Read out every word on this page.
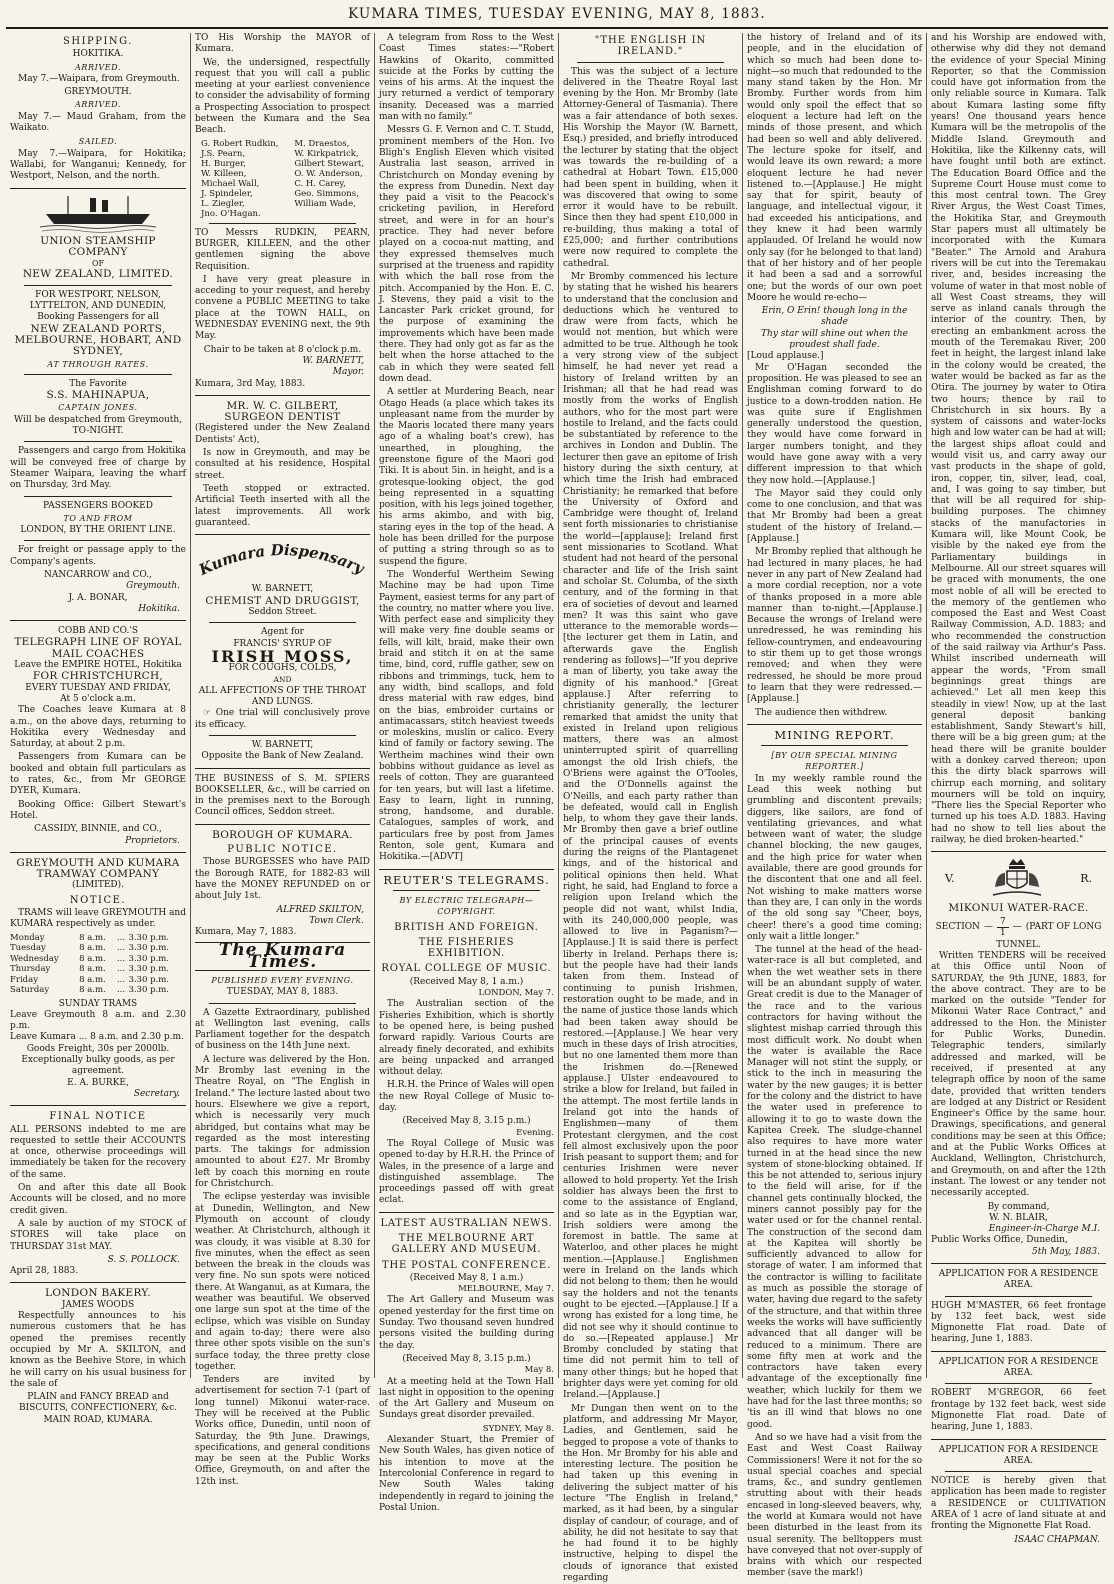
KUMARA TIMES, TUESDAY EVENING, MAY 8, 1883.
SHIPPING.
HOKITIKA.
ARRIVED.

May 7.—Waipara, from Greymouth.

GREYMOUTH.
ARRIVED.

May 7.— Maud Graham, from the Waikato.

SAILED.

May 7.—Waipara, for Hokitika; Wallabi, for Wanganui; Kennedy, for Westport, Nelson, and the north.

UNION STEAMSHIP COMPANY
OF
NEW ZEALAND, LIMITED.
FOR WESTPORT, NELSON, LYTTELTON, AND DUNEDIN,
Booking Passengers for all
NEW ZEALAND PORTS, MELBOURNE, HOBART, AND SYDNEY,
AT THROUGH RATES.
The Favorite
S.S. MAHINAPUA,
CAPTAIN JONES.
Will be despatched from Greymouth,
TO-NIGHT.

Passengers and cargo from Hokitika will be conveyed free of charge by Steamer Waipara, leaving the wharf on Thursday, 3rd May.

PASSENGERS BOOKED
TO AND FROM
LONDON, BY THE ORIENT LINE.

For freight or passage apply to the Company's agents.

NANCARROW and CO.,
Greymouth.
J. A. BONAR,
Hokitika.
COBB AND CO.'S
TELEGRAPH LINE OF ROYAL MAIL COACHES
Leave the EMPIRE HOTEL, Hokitika
FOR CHRISTCHURCH,
EVERY TUESDAY AND FRIDAY,
At 5 o'clock a.m.

The Coaches leave Kumara at 8 a.m., on the above days, returning to Hokitika every Wednesday and Saturday, at about 2 p.m.

Passengers from Kumara can be booked and obtain full particulars as to rates, &c., from Mr GEORGE DYER, Kumara.

Booking Office: Gilbert Stewart's Hotel.

CASSIDY, BINNIE, and CO.,
Proprietors.
GREYMOUTH AND KUMARA TRAMWAY COMPANY
(LIMITED).
NOTICE.

TRAMS will leave GREYMOUTH and KUMARA respectively as under.

Monday	8 a.m.	...	3.30 p.m.
Tuesday	8 a.m.	...	3.30 p.m.
Wednesday	8 a.m.	...	3.30 p.m.
Thursday	8 a.m.	...	3.30 p.m.
Friday	8 a.m.	...	3.30 p.m.
Saturday	8 a.m.	...	3.30 p.m.
SUNDAY TRAMS
Leave Greymouth 8 a.m. and 2.30 p.m.
Leave Kumara ... 8 a.m. and 2.30 p.m.
Goods Freight, 30s per 2000lb.
Exceptionally bulky goods, as per agreement.
E. A. BURKE,
Secretary.
FINAL NOTICE

ALL PERSONS indebted to me are requested to settle their ACCOUNTS at once, otherwise proceedings will immediately be taken for the recovery of the same.

On and after this date all Book Accounts will be closed, and no more credit given.

A sale by auction of my STOCK of STORES will take place on THURSDAY 31st MAY.

S. S. POLLOCK.
April 28, 1883.
LONDON BAKERY.
JAMES WOODS

Respectfully announces to his numerous customers that he has opened the premises recently occupied by Mr A. SKILTON, and known as the Beehive Store, in which he will carry on his usual business for the sale of

PLAIN and FANCY BREAD and BISCUITS, CONFECTIONERY, &c.
MAIN ROAD, KUMARA.

TO His Worship the MAYOR of Kumara.

We, the undersigned, respectfully request that you will call a public meeting at your earliest convenience to consider the advisability of forming a Prospecting Association to prospect between the Kumara and the Sea Beach.

G. Robert Rudkin,
J.S. Pearn,
H. Burger,
W. Killeen,
Michael Wall,
J. Spindeler,
L. Ziegler,
Jno. O'Hagan.
M. Draestos,
W. Kirkpatrick,
Gilbert Stewart,
O. W. Anderson,
C. H. Carey,
Geo. Simmons,
William Wade,

TO Messrs RUDKIN, PEARN, BURGER, KILLEEN, and the other gentlemen signing the above Requisition.

I have very great pleasure in acceding to your request, and hereby convene a PUBLIC MEETING to take place at the TOWN HALL, on WEDNESDAY EVENING next, the 9th May.

Chair to be taken at 8 o'clock p.m.
W. BARNETT,
Mayor.
Kumara, 3rd May, 1883.
MR. W. C. GILBERT, SURGEON DENTIST

(Registered under the New Zealand Dentists' Act),

Is now in Greymouth, and may be consulted at his residence, Hospital street.

Teeth stopped or extracted. Artificial Teeth inserted with all the latest improvements. All work guaranteed.

Kumara Dispensary
W. BARNETT,
CHEMIST AND DRUGGIST,
Seddon Street.
Agent for
FRANCIS' SYRUP OF
IRISH MOSS,
FOR COUGHS, COLDS,
AND
ALL AFFECTIONS OF THE THROAT AND LUNGS.

☞ One trial will conclusively prove its efficacy.

W. BARNETT,
Opposite the Bank of New Zealand.

THE BUSINESS of S. M. SPIERS BOOKSELLER, &c., will be carried on in the premises next to the Borough Council offices, Seddon street.

BOROUGH OF KUMARA.
PUBLIC NOTICE.

Those BURGESSES who have PAID the Borough RATE, for 1882-83 will have the MONEY REFUNDED on or about July 1st.

ALFRED SKILTON,
Town Clerk.
Kumara, May 7, 1883.
The Kumara Times.
PUBLISHED EVERY EVENING.
TUESDAY, MAY 8, 1883.

A Gazette Extraordinary, published at Wellington last evening, calls Parliament together for the despatch of business on the 14th June next.

A lecture was delivered by the Hon. Mr Bromby last evening in the Theatre Royal, on "The English in Ireland." The lecture lasted about two hours. Elsewhere we give a report, which is necessarily very much abridged, but contains what may be regarded as the most interesting parts. The takings for admission amounted to about £27. Mr Bromby left by coach this morning en route for Christchurch.

The eclipse yesterday was invisible at Dunedin, Wellington, and New Plymouth on account of cloudy weather. At Christchurch, although it was cloudy, it was visible at 8.30 for five minutes, when the effect as seen between the break in the clouds was very fine. No sun spots were noticed there. At Wanganui, as at Kumara, the weather was beautiful. We observed one large sun spot at the time of the eclipse, which was visible on Sunday and again to-day; there were also three other spots visible on the sun's surface today, the three pretty close together.

Tenders are invited by advertisement for section 7-1 (part of long tunnel) Mikonui water-race. They will be received at the Public Works office, Dunedin, until noon of Saturday, the 9th June. Drawings, specifications, and general conditions may be seen at the Public Works Office, Greymouth, on and after the 12th inst.

A telegram from Ross to the West Coast Times states:—"Robert Hawkins of Okarito, committed suicide at the Forks by cutting the veins of his arms. At the inquest the jury returned a verdict of temporary insanity. Deceased was a married man with no family."

Messrs G. F. Vernon and C. T. Studd, prominent members of the Hon. Ivo Bligh's English Eleven which visited Australia last season, arrived in Christchurch on Monday evening by the express from Dunedin. Next day they paid a visit to the Peacock's cricketing pavilion, in Hereford street, and were in for an hour's practice. They had never before played on a cocoa-nut matting, and they expressed themselves much surprised at the trueness and rapidity with which the ball rose from the pitch. Accompanied by the Hon. E. C. J. Stevens, they paid a visit to the Lancaster Park cricket ground, for the purpose of examining the improvements which have been made there. They had only got as far as the belt when the horse attached to the cab in which they were seated fell down dead.

A settler at Murdering Beach, near Otago Heads (a place which takes its unpleasant name from the murder by the Maoris located there many years ago of a whaling boat's crew), has unearthed, in ploughing, the greenstone figure of the Maori god Tiki. It is about 5in. in height, and is a grotesque-looking object, the god being represented in a squatting position, with his legs joined together, his arms akimbo, and with big, staring eyes in the top of the head. A hole has been drilled for the purpose of putting a string through so as to suspend the figure.

The Wonderful Wertheim Sewing Machine may be had upon Time Payment, easiest terms for any part of the country, no matter where you live. With perfect ease and simplicity they will make very fine double seams or fells, will kilt, braid, make their own braid and stitch it on at the same time, bind, cord, ruffle gather, sew on ribbons and trimmings, tuck, hem to any width, bind scallops, and fold dress material with raw edges, bind on the bias, embroider curtains or antimacassars, stitch heaviest tweeds or moleskins, muslin or calico. Every kind of family or factory sewing. The Wertheim machines wind their own bobbins without guidance as level as reels of cotton. They are guaranteed for ten years, but will last a lifetime. Easy to learn, light in running, strong, handsome, and durable. Catalogues, samples of work, and particulars free by post from James Renton, sole gent, Kumara and Hokitika.—[ADVT]

REUTER'S TELEGRAMS.
BY ELECTRIC TELEGRAPH—COPYRIGHT.
BRITISH AND FOREIGN.
THE FISHERIES EXHIBITION.
ROYAL COLLEGE OF MUSIC.
(Received May 8, 1 a.m.)
LONDON, May 7.

The Australian section of the Fisheries Exhibition, which is shortly to be opened here, is being pushed forward rapidly. Various Courts are already finely decorated, and exhibits are being unpacked and arranged without delay.

H.R.H. the Prince of Wales will open the new Royal College of Music to-day.

(Received May 8, 3.15 p.m.)
Evening.

The Royal College of Music was opened to-day by H.R.H. the Prince of Wales, in the presence of a large and distinguished assemblage. The proceedings passed off with great eclat.

LATEST AUSTRALIAN NEWS.
THE MELBOURNE ART GALLERY AND MUSEUM.
THE POSTAL CONFERENCE.
(Received May 8, 1 a.m.)
MELBOURNE, May 7.

The Art Gallery and Museum was opened yesterday for the first time on Sunday. Two thousand seven hundred persons visited the building during the day.

(Received May 8, 3.15 p.m.)
May 8.

At a meeting held at the Town Hall last night in opposition to the opening of the Art Gallery and Museum on Sundays great disorder prevailed.

SYDNEY, May 8.

Alexander Stuart, the Premier of New South Wales, has given notice of his intention to move at the Intercolonial Conference in regard to New South Wales taking independently in regard to joining the Postal Union.

"THE ENGLISH IN IRELAND."

This was the subject of a lecture delivered in the Theatre Royal last evening by the Hon. Mr Bromby (late Attorney-General of Tasmania). There was a fair attendance of both sexes. His Worship the Mayor (W. Barnett, Esq.) presided, and briefly introduced the lecturer by stating that the object was towards the re-building of a cathedral at Hobart Town. £15,000 had been spent in building, when it was discovered that owing to some error it would have to be rebuilt. Since then they had spent £10,000 in re-building, thus making a total of £25,000; and further contributions were now required to complete the cathedral.

Mr Bromby commenced his lecture by stating that he wished his hearers to understand that the conclusion and deductions which he ventured to draw were from facts, which he would not mention, but which were admitted to be true. Although he took a very strong view of the subject himself, he had never yet read a history of Ireland written by an Irishman; all that he had read was mostly from the works of English authors, who for the most part were hostile to Ireland, and the facts could be substantiated by reference to the archives in London and Dublin. The lecturer then gave an epitome of Irish history during the sixth century, at which time the Irish had embraced Christianity; he remarked that before the University of Oxford and Cambridge were thought of, Ireland sent forth missionaries to christianise the world—[applause]; Ireland first sent missionaries to Scotland. What student had not heard of the personal character and life of the Irish saint and scholar St. Columba, of the sixth century, and of the forming in that era of societies of devout and learned men? It was this saint who gave utterance to the memorable words—[the lecturer get them in Latin, and afterwards gave the English rendering as follows]—"If you deprive a man of liberty, you take away the dignity of his manhood." [Great applause.] After referring to christianity generally, the lecturer remarked that amidst the unity that existed in Ireland upon religious matters, there was an almost uninterrupted spirit of quarrelling amongst the old Irish chiefs, the O'Briens were against the O'Tooles, and the O'Donnells against the O'Neills, and each party rather than be defeated, would call in English help, to whom they gave their lands. Mr Bromby then gave a brief outline of the principal causes of events during the reigns of the Plantagenet kings, and of the historical and political opinions then held. What right, he said, had England to force a religion upon Ireland which the people did not want, whilst India, with its 240,000,000 people, was allowed to live in Paganism?—[Applause.] It is said there is perfect liberty in Ireland. Perhaps there is; but the people have had their lands taken from them. Instead of continuing to punish Irishmen, restoration ought to be made, and in the name of justice those lands which had been taken away should be restored.—[Applause.] We hear very much in these days of Irish atrocities, but no one lamented them more than the Irishmen do.—[Renewed applause.] Ulster endeavoured to strike a blow for Ireland, but failed in the attempt. The most fertile lands in Ireland got into the hands of Englishmen—many of them Protestant clergymen, and the cost fell almost exclusively upon the poor Irish peasant to support them; and for centuries Irishmen were never allowed to hold property. Yet the Irish soldier has always been the first to come to the assistance of England, and so late as in the Egyptian war, Irish soldiers were among the foremost in battle. The same at Waterloo, and other places he might mention.—[Applause.] Englishmen were in Ireland on the lands which did not belong to them; then he would say the holders and not the tenants ought to be ejected.—[Applause.] If a wrong has existed for a long time, he did not see why it should continue to do so.—[Repeated applause.] Mr Bromby concluded by stating that time did not permit him to tell of many other things; but he hoped that brighter days were yet coming for old Ireland.—[Applause.]

Mr Dungan then went on to the platform, and addressing Mr Mayor, Ladies, and Gentlemen, said he begged to propose a vote of thanks to the Hon. Mr Bromby for his able and interesting lecture. The position he had taken up this evening in delivering the subject matter of his lecture "The English in Ireland," marked, as it had been, by a singular display of candour, of courage, and of ability, he did not hesitate to say that he had found it to be highly instructive, helping to dispel the clouds of ignorance that existed regarding

the history of Ireland and of its people, and in the elucidation of which so much had been done to-night—so much that redounded to the many stand taken by the Hon. Mr Bromby. Further words from him would only spoil the effect that so eloquent a lecture had left on the minds of those present, and which had been so well and ably delivered. The lecture spoke for itself, and would leave its own reward; a more eloquent lecture he had never listened to.—[Applause.] He might say that for spirit, beauty of language, and intellectual vigour, it had exceeded his anticipations, and they knew it had been warmly applauded. Of Ireland he would now only say (for he belonged to that land) that of her history and of her people it had been a sad and a sorrowful one; but the words of our own poet Moore he would re-echo—

Erin, O Erin! though long in the shade
Thy star will shine out when the proudest shall fade.
[Loud applause.]

Mr O'Hagan seconded the proposition. He was pleased to see an Englishman coming forward to do justice to a down-trodden nation. He was quite sure if Englishmen generally understood the question, they would have come forward in larger numbers tonight, and they would have gone away with a very different impression to that which they now hold.—[Applause.]

The Mayor said they could only come to one conclusion, and that was that Mr Bromby had been a great student of the history of Ireland.—[Applause.]

Mr Bromby replied that although he had lectured in many places, he had never in any part of New Zealand had a more cordial reception, nor a vote of thanks proposed in a more able manner than to-night.—[Applause.] Because the wrongs of Ireland were unredressed, he was reminding his fellow-countrymen, and endeavouring to stir them up to get those wrongs removed; and when they were redressed, he should be more proud to learn that they were redressed.—[Applause.]

The audience then withdrew.

MINING REPORT.
[BY OUR SPECIAL MINING REPORTER.]

In my weekly ramble round the Lead this week nothing but grumbling and discontent prevails; diggers, like sailors, are fond of ventilating grievances, and what between want of water, the sludge channel blocking, the new gauges, and the high price for water when available, there are good grounds for the discontent that one and all feel. Not wishing to make matters worse than they are, I can only in the words of the old song say "Cheer, boys, cheer! there's a good time coming; only wait a little longer."

The tunnel at the head of the head-water-race is all but completed, and when the wet weather sets in there will be an abundant supply of water. Great credit is due to the Manager of the race and to the various contractors for having without the slightest mishap carried through this most difficult work. No doubt when the water is available the Race Manager will not stint the supply, or stick to the inch in measuring the water by the new gauges; it is better for the colony and the district to have the water used in preference to allowing it to go to waste down the Kapitea Creek. The sludge-channel also requires to have more water turned in at the head since the new system of stone-blocking obtained. If this be not attended to, serious injury to the field will arise, for if the channel gets continually blocked, the miners cannot possibly pay for the water used or for the channel rental. The construction of the second dam at the Kapitea will shortly be sufficiently advanced to allow for storage of water. I am informed that the contractor is willing to facilitate as much as possible the storage of water, having due regard to the safety of the structure, and that within three weeks the works will have sufficiently advanced that all danger will be reduced to a minimum. There are some fifty men at work and the contractors have taken every advantage of the exceptionally fine weather, which luckily for them we have had for the last three months; so 'tis an ill wind that blows no one good.

And so we have had a visit from the East and West Coast Railway Commissioners! Were it not for the so usual special coaches and special trams, &c., and sundry gentlemen strutting about with their heads encased in long-sleeved beavers, why, the world at Kumara would not have been disturbed in the least from its usual serenity. The belltoppers must have conveyed that not over-supply of brains with which our respected member (save the mark!)

and his Worship are endowed with, otherwise why did they not demand the evidence of your Special Mining Reporter, so that the Commission could have got information from the only reliable source in Kumara. Talk about Kumara lasting some fifty years! One thousand years hence Kumara will be the metropolis of the Middle Island. Greymouth and Hokitika, like the Kilkenny cats, will have fought until both are extinct. The Education Board Office and the Supreme Court House must come to this most central town. The Grey River Argus, the West Coast Times, the Hokitika Star, and Greymouth Star papers must all ultimately be incorporated with the Kumara "Beater." The Arnold and Arahura rivers will be cut into the Teremakau river, and, besides increasing the volume of water in that most noble of all West Coast streams, they will serve as inland canals through the interior of the country. Then, by erecting an embankment across the mouth of the Teremakau River, 200 feet in height, the largest inland lake in the colony would be created, the water would be backed as far as the Otira. The journey by water to Otira two hours; thence by rail to Christchurch in six hours. By a system of caissons and water-locks high and low water can be had at will; the largest ships afloat could and would visit us, and carry away our vast products in the shape of gold, iron, copper, tin, silver, lead, coal, and, I was going to say timber, but that will be all required for ship-building purposes. The chimney stacks of the manufactories in Kumara will, like Mount Cook, be visible by the naked eye from the Parliamentary buildings in Melbourne. All our street squares will be graced with monuments, the one most noble of all will be erected to the memory of the gentlemen who composed the East and West Coast Railway Commission, A.D. 1883; and who recommended the construction of the said railway via Arthur's Pass. Whilst inscribed underneath will appear the words, "From small beginnings great things are achieved." Let all men keep this steadily in view! Now, up at the last general deposit banking establishment, Sandy Stewart's hill, there will be a big green gum; at the head there will be granite boulder with a donkey carved thereon; upon this the dirty black sparrows will chirrup each morning, and solitary mourners will be told on inquiry, "There lies the Special Reporter who turned up his toes A.D. 1883. Having had no show to tell lies about the railway, he died broken-hearted."

V.	R.
MIKONUI WATER-RACE.
SECTION — 7
1
— (PART OF LONG
TUNNEL.

Written TENDERS will be received at this Office until Noon of SATURDAY, the 9th JUNE, 1883, for the above contract. They are to be marked on the outside "Tender for Mikonui Water Race Contract," and addressed to the Hon. the Minister for Public Works, Dunedin. Telegraphic tenders, similarly addressed and marked, will be received, if presented at any telegraph office by noon of the same date, provided that written tenders are lodged at any District or Resident Engineer's Office by the same hour. Drawings, specifications, and general conditions may be seen at this Office; and at the Public Works Offices at Auckland, Wellington, Christchurch, and Greymouth, on and after the 12th instant. The lowest or any tender not necessarily accepted.

By command,
W. N. BLAIR,
Engineer-in-Charge M.I.
Public Works Office, Dunedin,
5th May, 1883.
APPLICATION FOR A RESIDENCE AREA.

HUGH M'MASTER, 66 feet frontage by 132 feet back, west side Mignonette Flat road. Date of hearing, June 1, 1883.

APPLICATION FOR A RESIDENCE AREA.

ROBERT M'GREGOR, 66 feet frontage by 132 feet back, west side Mignonette Flat road. Date of hearing, June 1, 1883.

APPLICATION FOR A RESIDENCE AREA.

NOTICE is hereby given that application has been made to register a RESIDENCE or CULTIVATION AREA of 1 acre of land situate at and fronting the Mignonette Flat Road.

ISAAC CHAPMAN.
